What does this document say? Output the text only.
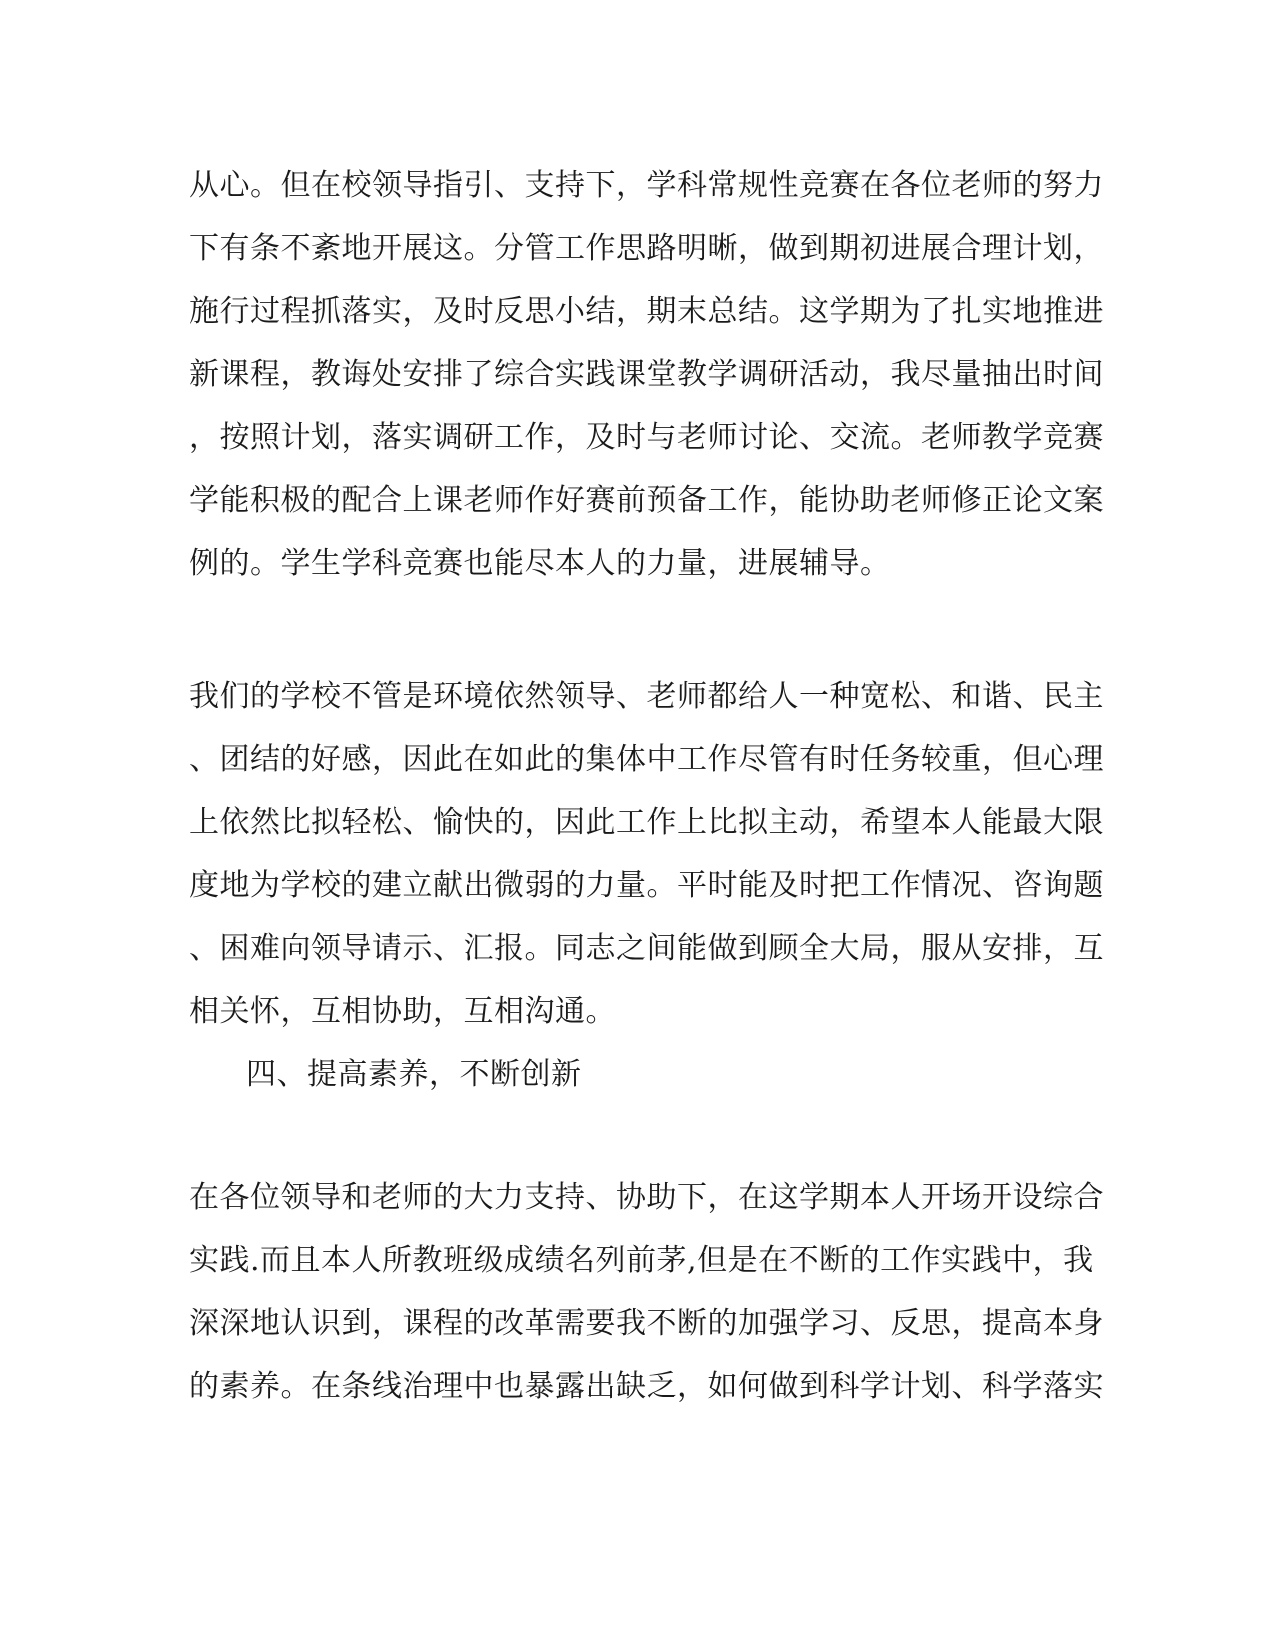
从心。但在校领导指引、支持下，学科常规性竞赛在各位老师的努力
下有条不紊地开展这。分管工作思路明晰，做到期初进展合理计划，
施行过程抓落实，及时反思小结，期末总结。这学期为了扎实地推进
新课程，教诲处安排了综合实践课堂教学调研活动，我尽量抽出时间
，按照计划，落实调研工作，及时与老师讨论、交流。老师教学竞赛
学能积极的配合上课老师作好赛前预备工作，能协助老师修正论文案
例的。学生学科竞赛也能尽本人的力量，进展辅导。
我们的学校不管是环境依然领导、老师都给人一种宽松、和谐、民主
、团结的好感，因此在如此的集体中工作尽管有时任务较重，但心理
上依然比拟轻松、愉快的，因此工作上比拟主动，希望本人能最大限
度地为学校的建立献出微弱的力量。平时能及时把工作情况、咨询题
、困难向领导请示、汇报。同志之间能做到顾全大局，服从安排，互
相关怀，互相协助，互相沟通。
四、提高素养，不断创新
在各位领导和老师的大力支持、协助下，在这学期本人开场开设综合
实践.而且本人所教班级成绩名列前茅,但是在不断的工作实践中，我
深深地认识到，课程的改革需要我不断的加强学习、反思，提高本身
的素养。在条线治理中也暴露出缺乏，如何做到科学计划、科学落实
